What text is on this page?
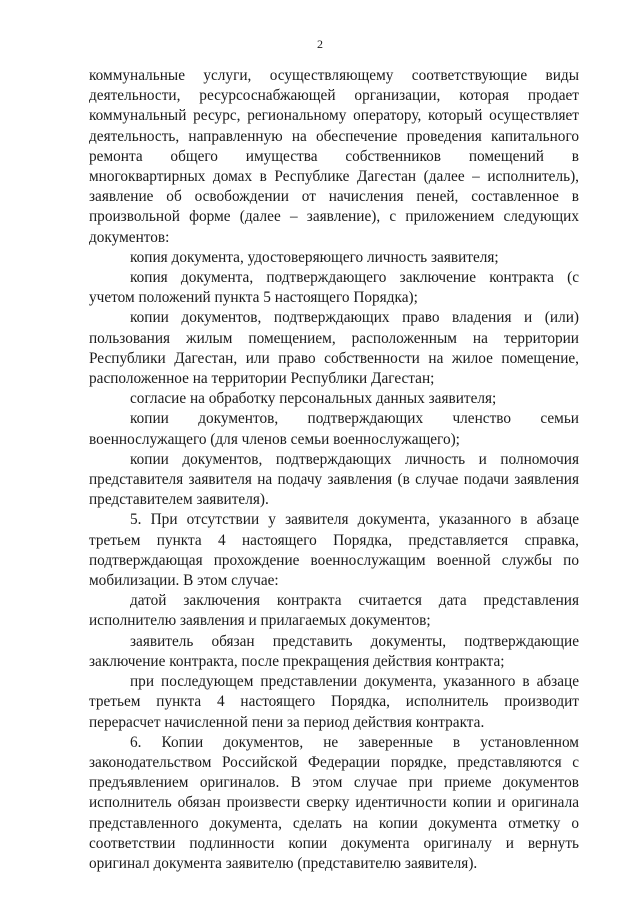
2

коммунальные услуги, осуществляющему соответствующие виды деятельности, ресурсоснабжающей организации, которая продает коммунальный ресурс, региональному оператору, который осуществляет деятельность, направленную на обеспечение проведения капитального ремонта общего имущества собственников помещений в многоквартирных домах в Республике Дагестан (далее – исполнитель), заявление об освобождении от начисления пеней, составленное в произвольной форме (далее – заявление), с приложением следующих документов:

копия документа, удостоверяющего личность заявителя;

копия документа, подтверждающего заключение контракта (с учетом положений пункта 5 настоящего Порядка);

копии документов, подтверждающих право владения и (или) пользования жилым помещением, расположенным на территории Республики Дагестан, или право собственности на жилое помещение, расположенное на территории Республики Дагестан;

согласие на обработку персональных данных заявителя;

копии документов, подтверждающих членство семьи военнослужащего (для членов семьи военнослужащего);

копии документов, подтверждающих личность и полномочия представителя заявителя на подачу заявления (в случае подачи заявления представителем заявителя).

5. При отсутствии у заявителя документа, указанного в абзаце третьем пункта 4 настоящего Порядка, представляется справка, подтверждающая прохождение военнослужащим военной службы по мобилизации. В этом случае:

датой заключения контракта считается дата представления исполнителю заявления и прилагаемых документов;

заявитель обязан представить документы, подтверждающие заключение контракта, после прекращения действия контракта;

при последующем представлении документа, указанного в абзаце третьем пункта 4 настоящего Порядка, исполнитель производит перерасчет начисленной пени за период действия контракта.

6. Копии документов, не заверенные в установленном законодательством Российской Федерации порядке, представляются с предъявлением оригиналов. В этом случае при приеме документов исполнитель обязан произвести сверку идентичности копии и оригинала представленного документа, сделать на копии документа отметку о соответствии подлинности копии документа оригиналу и вернуть оригинал документа заявителю (представителю заявителя).
